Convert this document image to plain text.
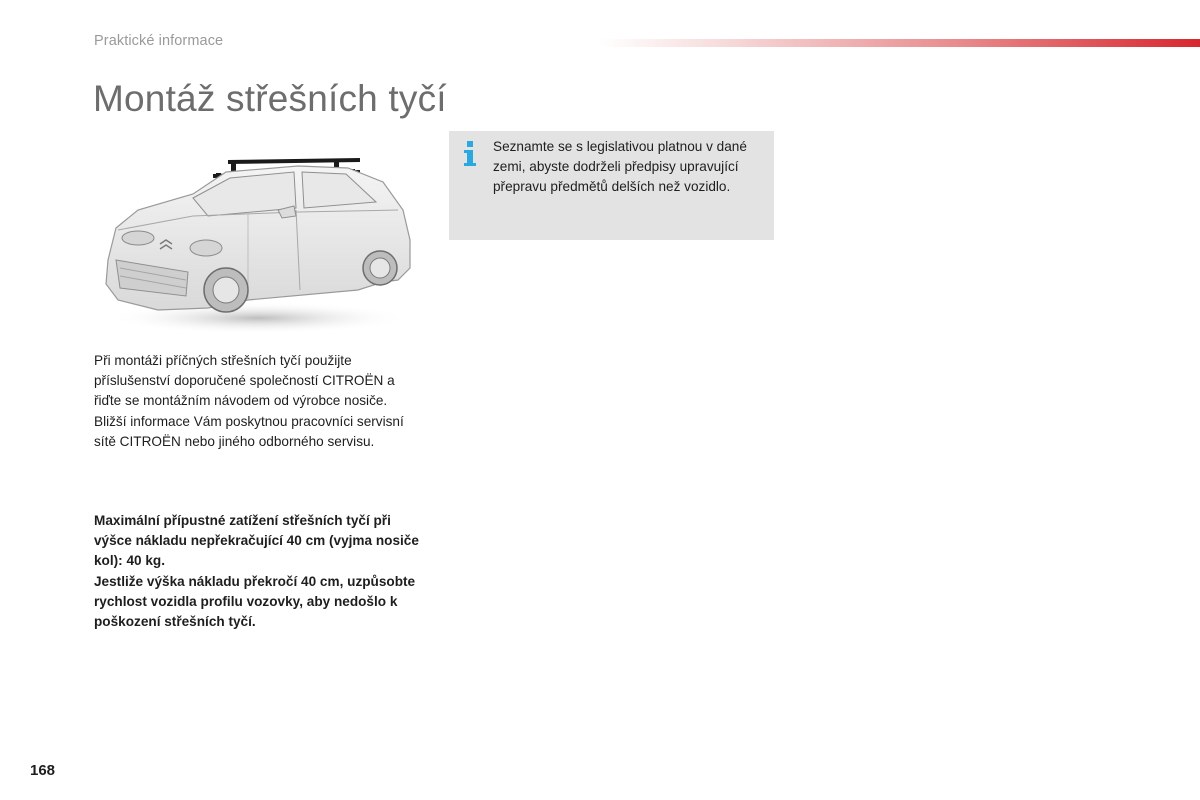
Praktické informace
Montáž střešních tyčí

Při montáži příčných střešních tyčí použijte příslušenství doporučené společností CITROËN a řiďte se montážním návodem od výrobce nosiče.

Bližší informace Vám poskytnou pracovníci servisní sítě CITROËN nebo jiného odborného servisu.

Maximální přípustné zatížení střešních tyčí při výšce nákladu nepřekračující 40 cm (vyjma nosiče kol): 40 kg.

Jestliže výška nákladu překročí 40 cm, uzpůsobte rychlost vozidla profilu vozovky, aby nedošlo k poškození střešních tyčí.

Seznamte se s legislativou platnou v dané zemi, abyste dodrželi předpisy upravující přepravu předmětů delších než vozidlo.
168
